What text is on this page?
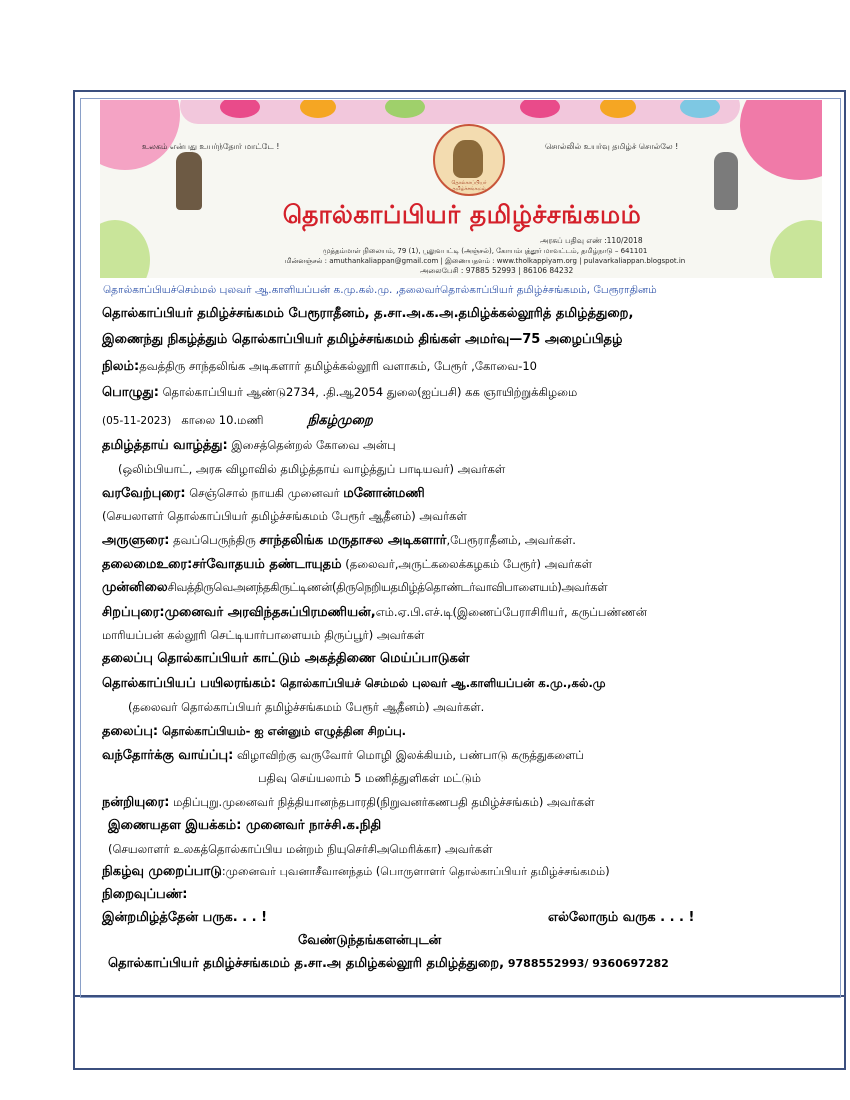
உலகம் என்பது உயர்ந்தோர் மாட்டே !	சொல்லில் உயர்வு தமிழ்ச் சொல்லே !
தொல்காப்பியர் தமிழ்ச்சங்கமம்
தொல்காப்பியர் தமிழ்ச்சங்கமம்
அரசுப் பதிவு எண் :110/2018
முத்தம்மாள் நிலையம், 79 (1), பூலுவபட்டி (அஞ்சல்), கோயம்புத்தூர் மாவட்டம், தமிழ்நாடு – 641101
மின்னஞ்சல் : amuthankaliappan@gmail.com | இணையதளம் : www.tholkappiyam.org | pulavarkaliappan.blogspot.in
அலைபேசி : 97885 52993 | 86106 84232
தொல்காப்பியச்செம்மல் புலவர் ஆ.காளியப்பன் க.மு.கல்.மு. ,தலைவர்தொல்காப்பியர் தமிழ்ச்சங்கமம், பேரூராதினம்
தொல்காப்பியர் தமிழ்ச்சங்கமம் பேரூராதீனம், த.சா.அ.க.அ.தமிழ்க்கல்லூரித் தமிழ்த்துறை,
இணைந்து நிகழ்த்தும் தொல்காப்பியர் தமிழ்ச்சங்கமம் திங்கள் அமர்வு—75 அழைப்பிதழ்
நிலம்:தவத்திரு சாந்தலிங்க அடிகளார் தமிழ்க்கல்லூரி வளாகம், பேரூர் ,கோவை-10
பொழுது: தொல்காப்பியர் ஆண்டு2734, .தி.ஆ2054 துலை(ஐப்பசி) கக ஞாயிற்றுக்கிழமை
(05-11-2023) காலை 10.மணி	நிகழ்முறை
தமிழ்த்தாய் வாழ்த்து: இசைத்தென்றல் கோவை அன்பு
(ஒலிம்பியாட், அரசு விழாவில் தமிழ்த்தாய் வாழ்த்துப் பாடியவர்) அவர்கள்
வரவேற்புரை: செஞ்சொல் நாயகி முனைவர் மனோன்மணி
(செயலாளர் தொல்காப்பியர் தமிழ்ச்சங்கமம் பேரூர் ஆதீனம்) அவர்கள்
அருளுரை: தவப்பெருந்திரு சாந்தலிங்க மருதாசல அடிகளார்,பேரூராதீனம், அவர்கள்.
தலைமைஉரை:சர்வோதயம் தண்டாயுதம் (தலைவர்,அருட்கலைக்கழகம் பேரூர்) அவர்கள்
முன்னிலைசிவத்திருவெஅனந்தகிருட்டிணன்(திருநெறியதமிழ்த்தொண்டர்வாவிபாளையம்)அவர்கள்
சிறப்புரை:முனைவர் அரவிந்தசுப்பிரமணியன்,எம்.ஏ.பி.எச்.டி(இணைப்பேராசிரியர், கருப்பண்ணன்
மாரியப்பன் கல்லூரி செட்டியார்பாளையம் திருப்பூர்) அவர்கள்
தலைப்பு தொல்காப்பியர் காட்டும் அகத்திணை மெய்ப்பாடுகள்
தொல்காப்பியப் பயிலரங்கம்: தொல்காப்பியச் செம்மல் புலவர் ஆ.காளியப்பன் க.மு.,கல்.மு
(தலைவர் தொல்காப்பியர் தமிழ்ச்சங்கமம் பேரூர் ஆதீனம்) அவர்கள்.
தலைப்பு: தொல்காப்பியம்- ஐ என்னும் எழுத்தின சிறப்பு.
வந்தோர்க்கு வாய்ப்பு: விழாவிற்கு வருவோர் மொழி இலக்கியம், பண்பாடு கருத்துகளைப்
பதிவு செய்யலாம் 5 மணித்துளிகள் மட்டும்
நன்றியுரை: மதிப்புறு.முனைவர் நித்தியானந்தபாரதி(நிறுவனர்கணபதி தமிழ்ச்சங்கம்) அவர்கள்
இணையதள இயக்கம்: முனைவர் நாச்சி.க.நிதி
(செயலாளர் உலகத்தொல்காப்பிய மன்றம் நியுசெர்சிஅமெரிக்கா) அவர்கள்
நிகழ்வு முறைப்பாடு:முனைவர் புவனாசீவானந்தம் (பொருளாளர் தொல்காப்பியர் தமிழ்ச்சங்கமம்)
நிறைவுப்பண்:
இன்றமிழ்த்தேன் பருக. . . !	எல்லோரும் வருக . . . !
வேண்டுந்தங்களன்புடன்
தொல்காப்பியர் தமிழ்ச்சங்கமம் த.சா.அ தமிழ்கல்லூரி தமிழ்த்துறை, 9788552993/ 9360697282
